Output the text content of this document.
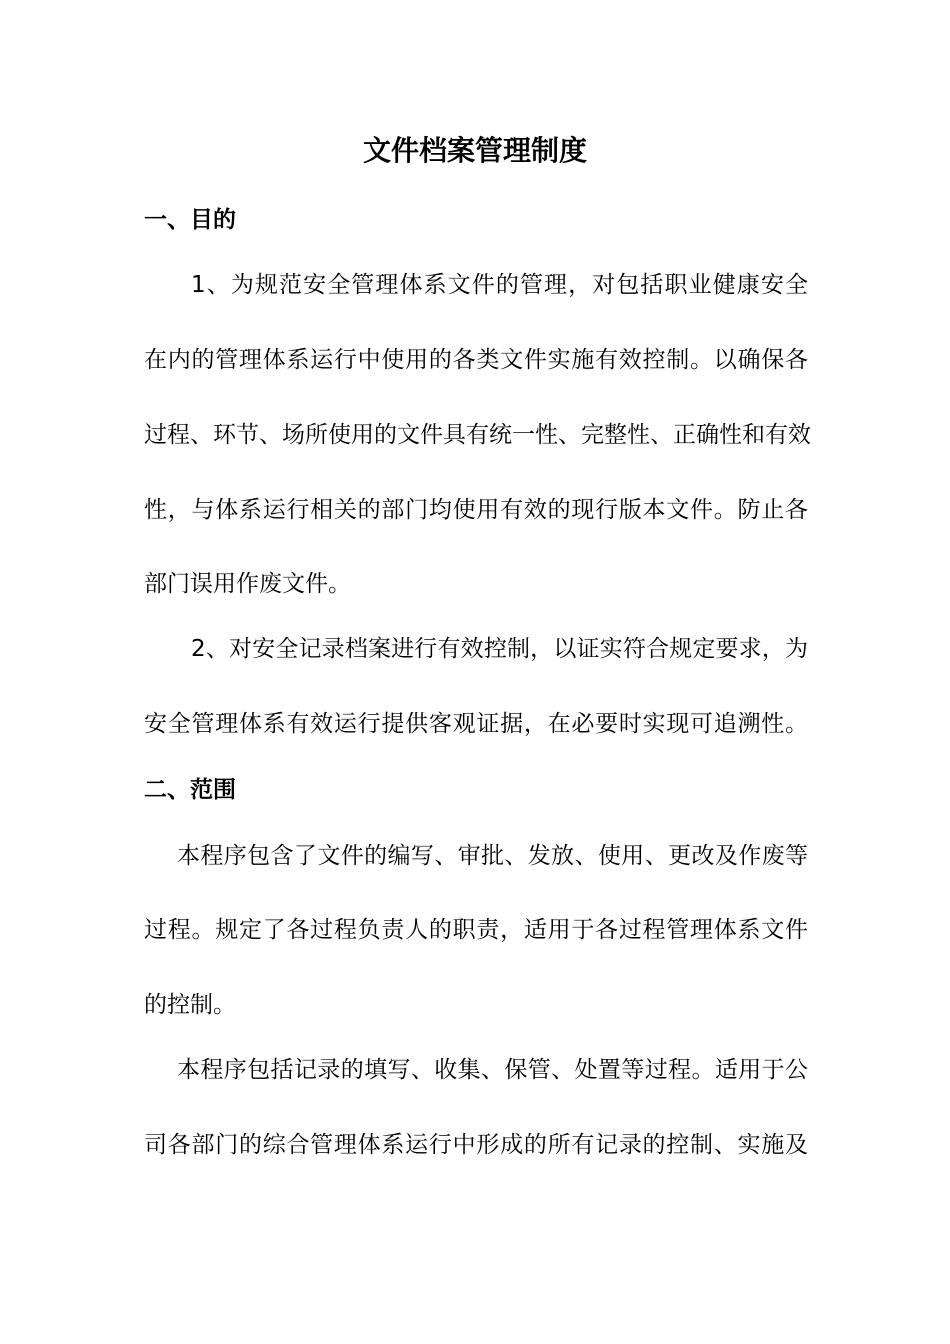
文件档案管理制度
一、目的
1、为规范安全管理体系文件的管理，对包括职业健康安全
在内的管理体系运行中使用的各类文件实施有效控制。以确保各
过程、环节、场所使用的文件具有统一性、完整性、正确性和有效
性，与体系运行相关的部门均使用有效的现行版本文件。防止各
部门误用作废文件。
2、对安全记录档案进行有效控制，以证实符合规定要求，为
安全管理体系有效运行提供客观证据，在必要时实现可追溯性。
二、范围
本程序包含了文件的编写、审批、发放、使用、更改及作废等
过程。规定了各过程负责人的职责，适用于各过程管理体系文件
的控制。
本程序包括记录的填写、收集、保管、处置等过程。适用于公
司各部门的综合管理体系运行中形成的所有记录的控制、实施及
